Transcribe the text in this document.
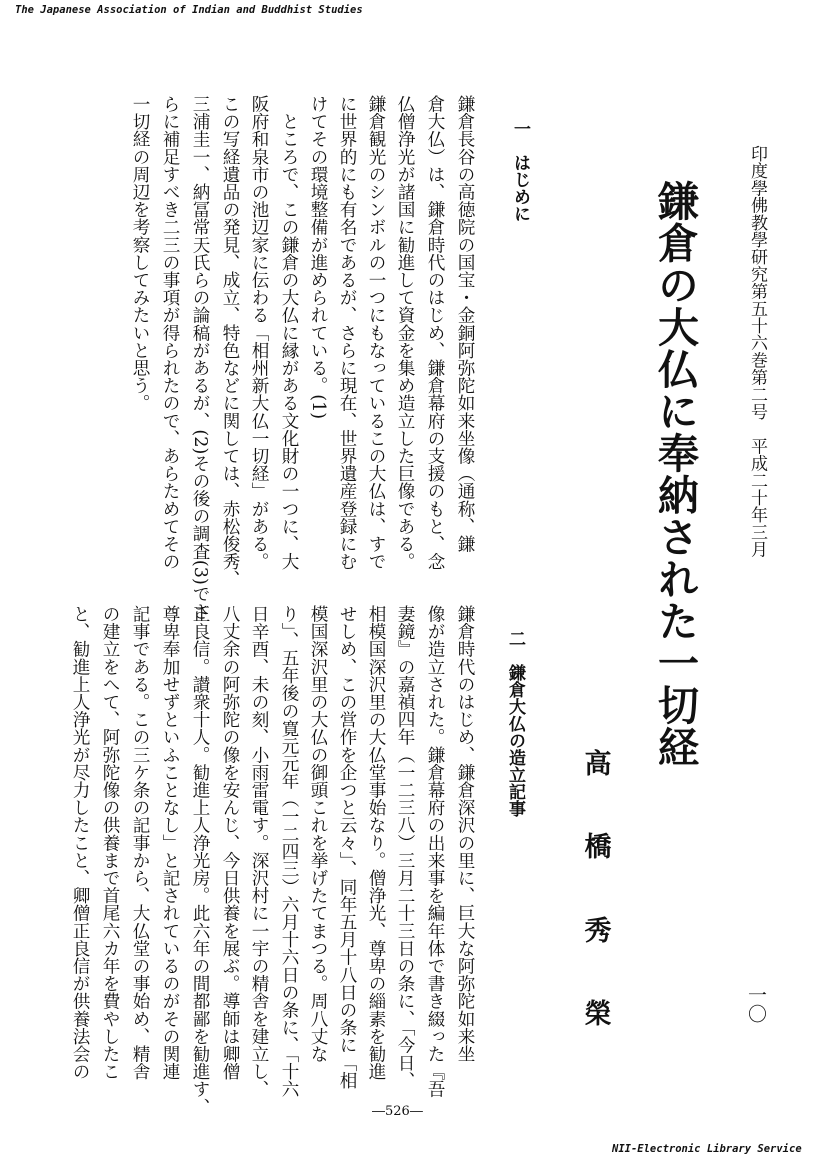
The Japanese Association of Indian and Buddhist Studies
NII-Electronic Library Service
印度學佛教學研究第五十六巻第二号　平成二十年三月
一〇
鎌倉の大仏に奉納された一切経
高
橋
秀
榮
一　はじめに
鎌倉長谷の高徳院の国宝・金銅阿弥陀如来坐像（通称、鎌
倉大仏）は、鎌倉時代のはじめ、鎌倉幕府の支援のもと、念
仏僧浄光が諸国に勧進して資金を集め造立した巨像である。
鎌倉観光のシンボルの一つにもなっているこの大仏は、すで
に世界的にも有名であるが、さらに現在、世界遺産登録にむ
けてその環境整備が進められている。(1)
　ところで、この鎌倉の大仏に縁がある文化財の一つに、大
阪府和泉市の池辺家に伝わる「相州新大仏一切経」がある。
この写経遺品の発見、成立、特色などに関しては、赤松俊秀、
三浦圭一、納冨常天氏らの論稿があるが、(2)その後の調査(3)でさ
らに補足すべき二三の事項が得られたので、あらためてその
一切経の周辺を考察してみたいと思う。
二　鎌倉大仏の造立記事
鎌倉時代のはじめ、鎌倉深沢の里に、巨大な阿弥陀如来坐
像が造立された。鎌倉幕府の出来事を編年体で書き綴った『吾
妻鏡』の嘉禎四年（一二三八）三月二十三日の条に、「今日、
相模国深沢里の大仏堂事始なり。僧浄光、尊卑の緇素を勧進
せしめ、この営作を企つと云々」、同年五月十八日の条に「相
模国深沢里の大仏の御頭これを挙げたてまつる。周八丈な
り」、五年後の寛元元年（一二四三）六月十六日の条に、「十六
日辛酉、未の刻、小雨雷電す。深沢村に一宇の精舎を建立し、
八丈余の阿弥陀の像を安んじ、今日供養を展ぶ。導師は卿僧
正良信。讃衆十人。勧進上人浄光房。此六年の間都鄙を勧進す、
尊卑奉加せずといふことなし」と記されているのがその関連
記事である。この三ケ条の記事から、大仏堂の事始め、精舎
の建立をへて、阿弥陀像の供養まで首尾六カ年を費やしたこ
と、勧進上人浄光が尽力したこと、卿僧正良信が供養法会の
―526―
